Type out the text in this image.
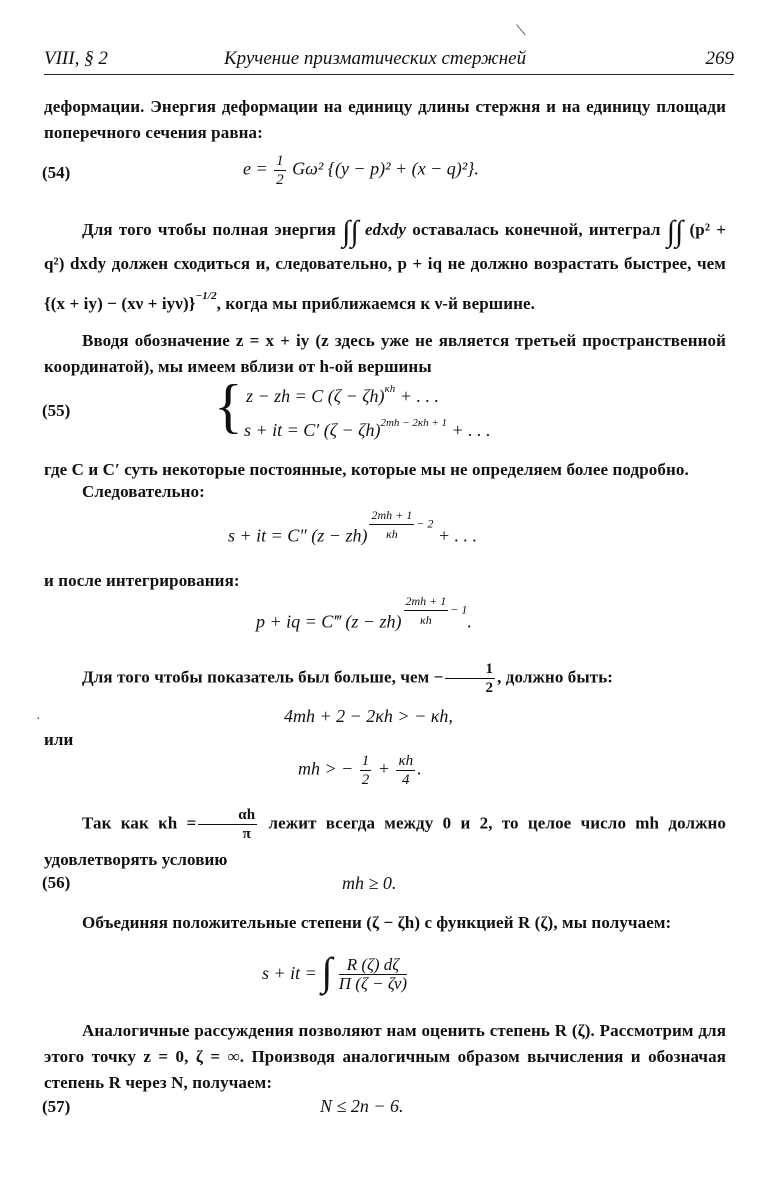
VIII, § 2	Кручение призматических стержней	269
деформации. Энергия деформации на единицу длины стержня и на единицу площади поперечного сечения равна:
(54)	$e = \frac{1}{2} G\omega^2$ {(y − p)² + (x − q)²}.
Для того чтобы полная энергия ∫∫ edxdy оставалась конечной, интеграл ∫∫ (p² + q²) dxdy должен сходиться и, следовательно, p + iq не должно возрастать быстрее, чем $\{(x + iy) - (x\nu + iy\nu)\}^{-1/2}$, когда мы приближаемся к ν-й вершине.
Вводя обозначение z = x + iy (z здесь уже не является третьей пространственной координатой), мы имеем вблизи от h-ой вершины
(55) { z − zh = C $(\zeta - \zeta h)^{\kappa h}$ + . . .
s + it = C′ $(\zeta - \zeta h)^{2mh - 2\kappa h + 1}$ + . . .
где C и C′ суть некоторые постоянные, которые мы не определяем более подробно.
Следовательно:
s + it = C″ $(z - zh) \frac{2mh + 1}{\kappa h} - 2$ + . . .
и после интегрирования:
p + iq = C‴ $(z - zh) \frac{2mh + 1}{\kappa h} - 1$.
Для того чтобы показатель был больше, чем − $\frac{1}{2}$ , должно быть:
4mh + 2 − 2κh > − κh,
или
mh > − $\frac{1}{2} + \frac{\kappa h}{4}$ .
Так как $\kappa h = \frac{\alpha h}{\pi}$ лежит всегда между 0 и 2, то целое число mh должно удовлетворять условию
(56)	mh ≥ 0.
Объединяя положительные степени (ζ − ζh) с функцией R (ζ), мы получаем:
s + it = ∫ $\frac{R (\zeta) d\zeta}{\Pi (\zeta - \zeta\nu)}$
Аналогичные рассуждения позволяют нам оценить степень R (ζ). Рассмотрим для этого точку z = 0, ζ = ∞. Производя аналогичным образом вычисления и обозначая степень R через N, получаем:
(57)	N ≤ 2n − 6.
⟍
·
